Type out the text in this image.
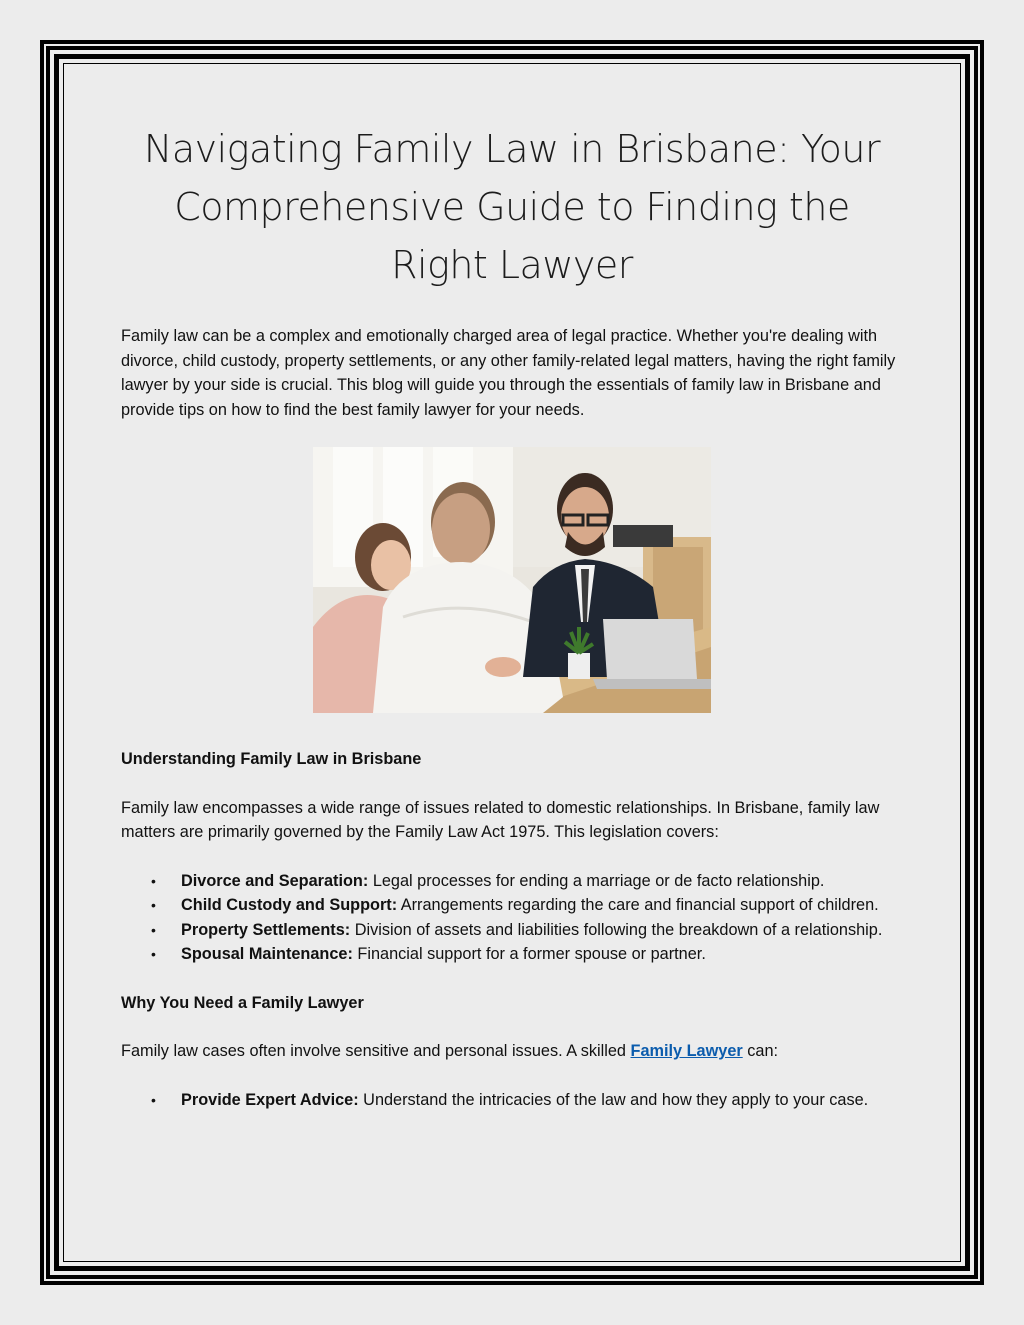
Navigating Family Law in Brisbane: Your Comprehensive Guide to Finding the Right Lawyer

Family law can be a complex and emotionally charged area of legal practice. Whether you're dealing with divorce, child custody, property settlements, or any other family-related legal matters, having the right family lawyer by your side is crucial. This blog will guide you through the essentials of family law in Brisbane and provide tips on how to find the best family lawyer for your needs.

Understanding Family Law in Brisbane

Family law encompasses a wide range of issues related to domestic relationships. In Brisbane, family law matters are primarily governed by the Family Law Act 1975. This legislation covers:

• Divorce and Separation: Legal processes for ending a marriage or de facto relationship.
• Child Custody and Support: Arrangements regarding the care and financial support of children.
• Property Settlements: Division of assets and liabilities following the breakdown of a relationship.
• Spousal Maintenance: Financial support for a former spouse or partner.

Why You Need a Family Lawyer

Family law cases often involve sensitive and personal issues. A skilled Family Lawyer can:

• Provide Expert Advice: Understand the intricacies of the law and how they apply to your case.
